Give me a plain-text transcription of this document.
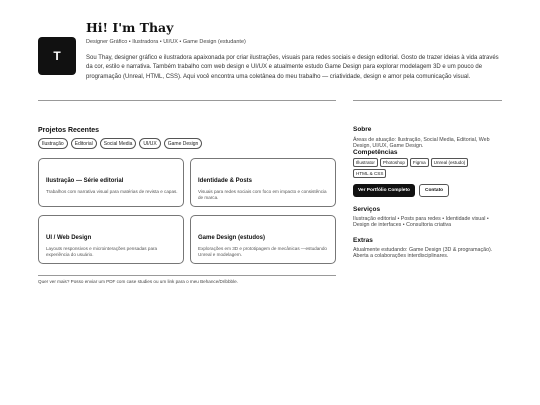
T
Hi! I'm Thay
Designer Gráfico • Ilustradora • UI/UX • Game Design (estudante)
Sou Thay, designer gráfico e ilustradora apaixonada por criar ilustrações, visuais para redes sociais e design editorial. Gosto de trazer ideias à vida através da cor, estilo e narrativa. Também trabalho com web design e UI/UX e atualmente estudo Game Design para explorar modelagem 3D e um pouco de programação (Unreal, HTML, CSS). Aqui você encontra uma coletânea do meu trabalho — criatividade, design e amor pela comunicação visual.
Projetos Recentes
Ilustração	Editorial	Social Media	UI/UX	Game Design
Ilustração — Série editorial
Trabalhos com narrativa visual para matérias de revista e capas.
Identidade & Posts
Visuais para redes sociais com foco em impacto e consistência de marca.
UI / Web Design
Layouts responsivos e microinterações pensadas para experiência do usuário.
Game Design (estudos)
Explorações em 3D e prototipagem de mecânicas —estudando Unreal e modelagem.
Quer ver mais? Posso enviar um PDF com case studies ou um link para o meu Behance/Dribbble.
Sobre
Áreas de atuação: Ilustração, Social Media, Editorial, Web Design, UI/UX, Game Design.
Competências
Illustrator	Photoshop	Figma	Unreal (estudo)
HTML & CSS
Ver Portfólio Completo	Contato
Serviços
Ilustração editorial • Posts para redes • Identidade visual • Design de interfaces • Consultoria criativa
Extras
Atualmente estudando: Game Design (3D & programação). Aberta a colaborações interdisciplinares.
